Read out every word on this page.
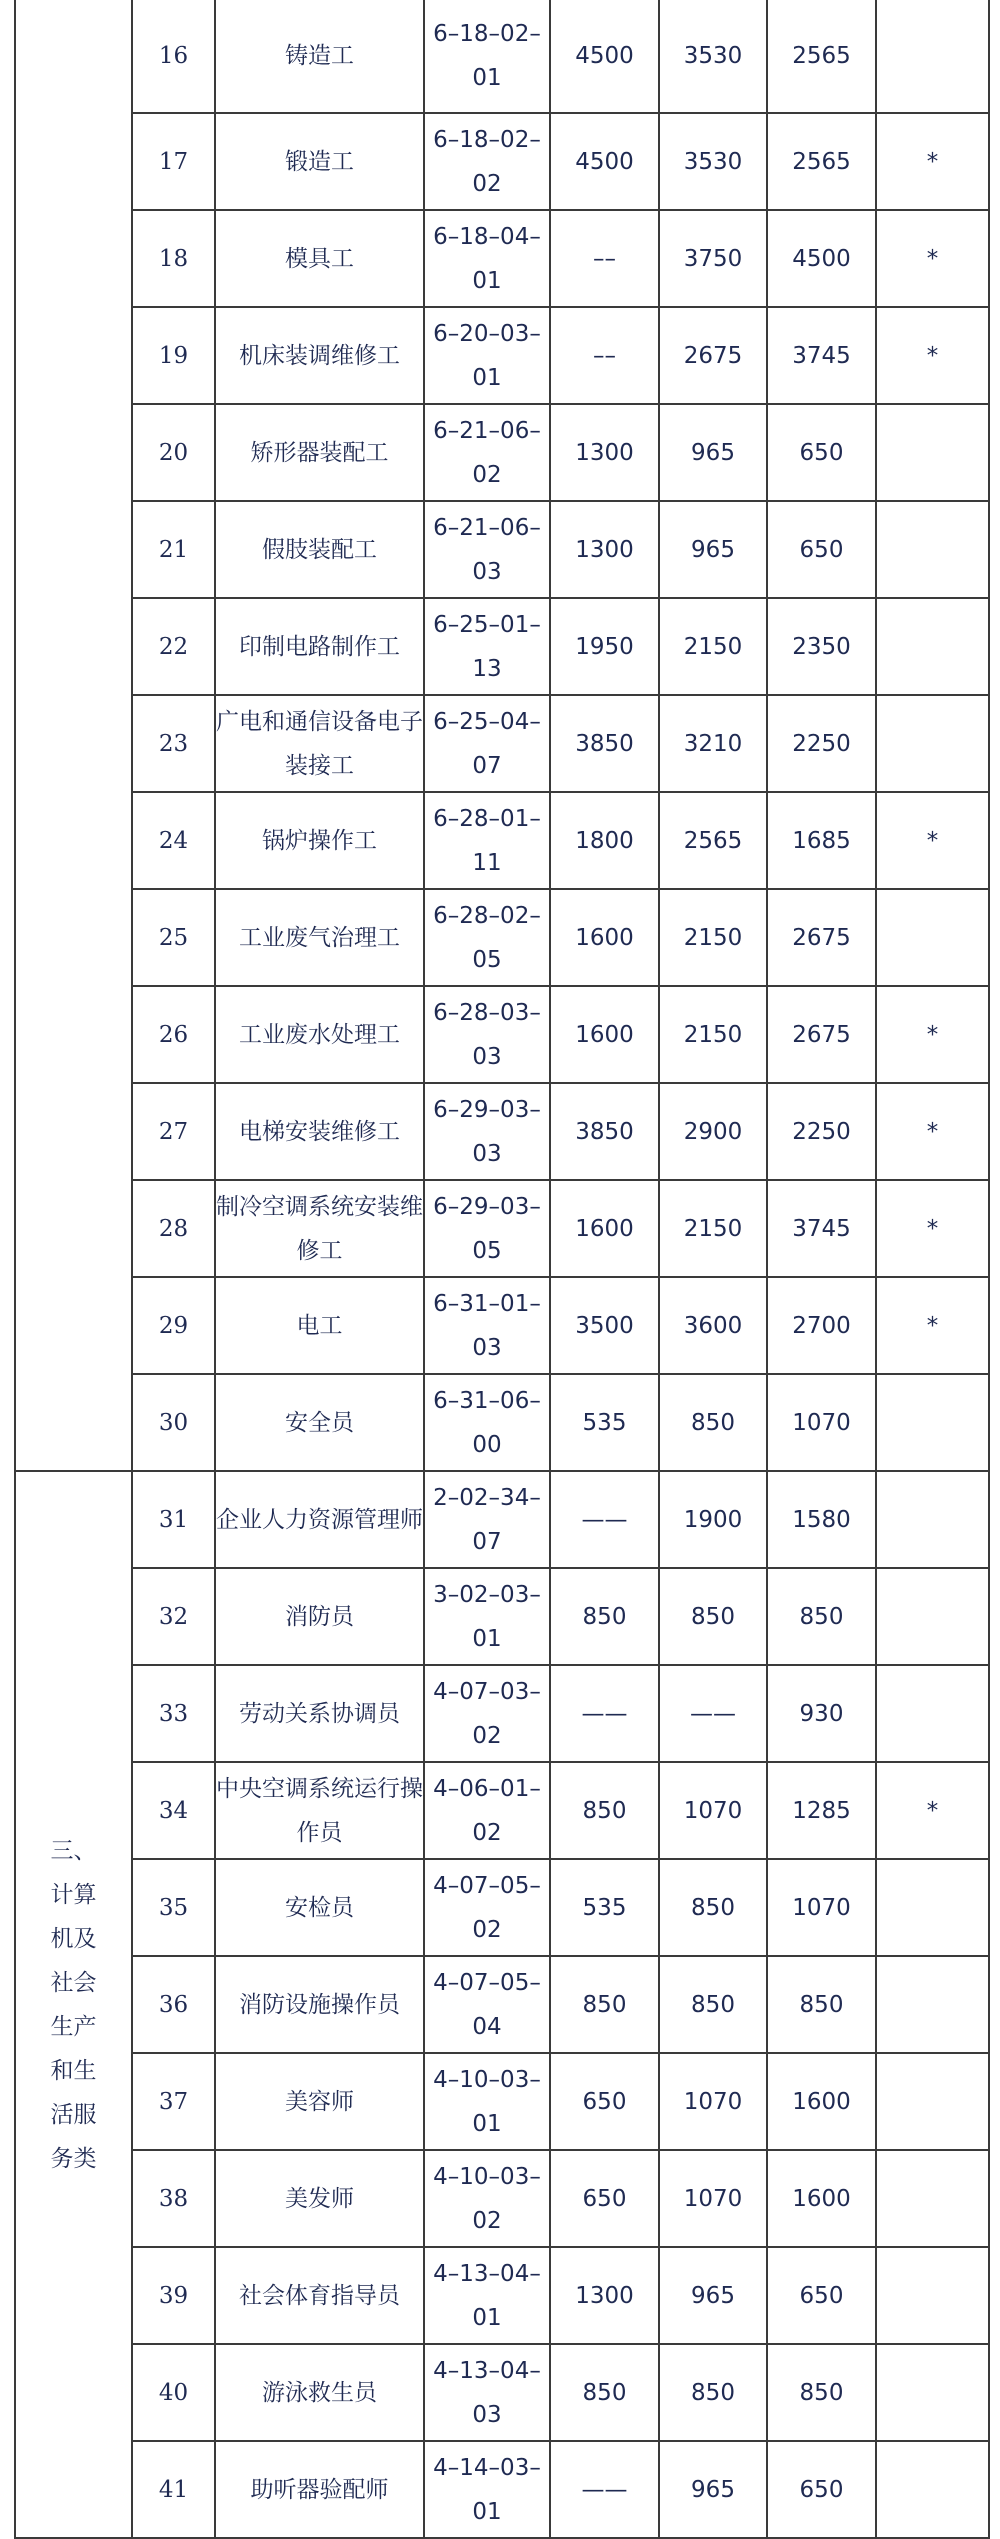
	16	铸造工	6–18–02–01	4500	3530	2565	
	17	锻造工	6–18–02–02	4500	3530	2565	*
	18	模具工	6–18–04–01	––	3750	4500	*
	19	机床装调维修工	6–20–03–01	––	2675	3745	*
	20	矫形器装配工	6–21–06–02	1300	965	650	
	21	假肢装配工	6–21–06–03	1300	965	650	
	22	印制电路制作工	6–25–01–13	1950	2150	2350	
	23	广电和通信设备电子装接工	6–25–04–07	3850	3210	2250	
	24	锅炉操作工	6–28–01–11	1800	2565	1685	*
	25	工业废气治理工	6–28–02–05	1600	2150	2675	
	26	工业废水处理工	6–28–03–03	1600	2150	2675	*
	27	电梯安装维修工	6–29–03–03	3850	2900	2250	*
	28	制冷空调系统安装维修工	6–29–03–05	1600	2150	3745	*
	29	电工	6–31–01–03	3500	3600	2700	*
	30	安全员	6–31–06–00	535	850	1070	
三、计算机及社会生产和生活服务类	31	企业人力资源管理师	2–02–34–07	——	1900	1580	
	32	消防员	3–02–03–01	850	850	850	
	33	劳动关系协调员	4–07–03–02	——	——	930	
	34	中央空调系统运行操作员	4–06–01–02	850	1070	1285	*
	35	安检员	4–07–05–02	535	850	1070	
	36	消防设施操作员	4–07–05–04	850	850	850	
	37	美容师	4–10–03–01	650	1070	1600	
	38	美发师	4–10–03–02	650	1070	1600	
	39	社会体育指导员	4–13–04–01	1300	965	650	
	40	游泳救生员	4–13–04–03	850	850	850	
	41	助听器验配师	4–14–03–01	——	965	650	
